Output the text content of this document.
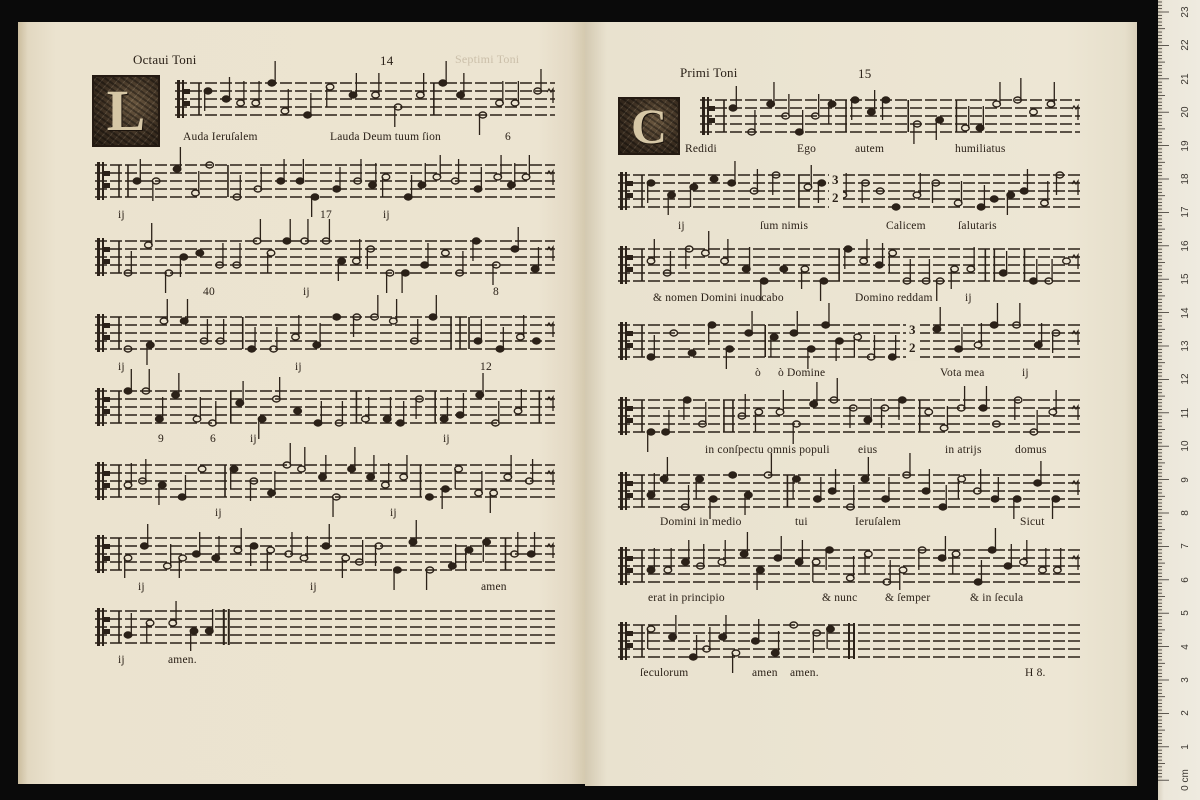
Octaui Toni	14	Septimi Toni
L	Auda Ieruſalem	Lauda Deum tuum ſion	6
ij	17	ij
40	ij	8
ij	ij	12
9	6	ij	ij
ij	ij
ij	ij	amen
ij	amen.
Primi Toni	15
C
3
2
3
2
Redidi	Ego	autem	humiliatus
ij	ſum nimis	Calicem	ſalutaris
& nomen Domini inuocabo	Domino reddam	ij
ò ò Domine	Vota mea	ij
in conſpectu omnis populi eius	in atrijs	domus
Domini in medio	tui	Ieruſalem	Sicut
erat in principio	& nunc & ſemper	& in ſecula
ſeculorum	amen amen.	H 8.
23
22
21
20
19
18
17
16
15
14
13
12
11
10
9
8
7
6
5
4
3
2
1
0 cm
